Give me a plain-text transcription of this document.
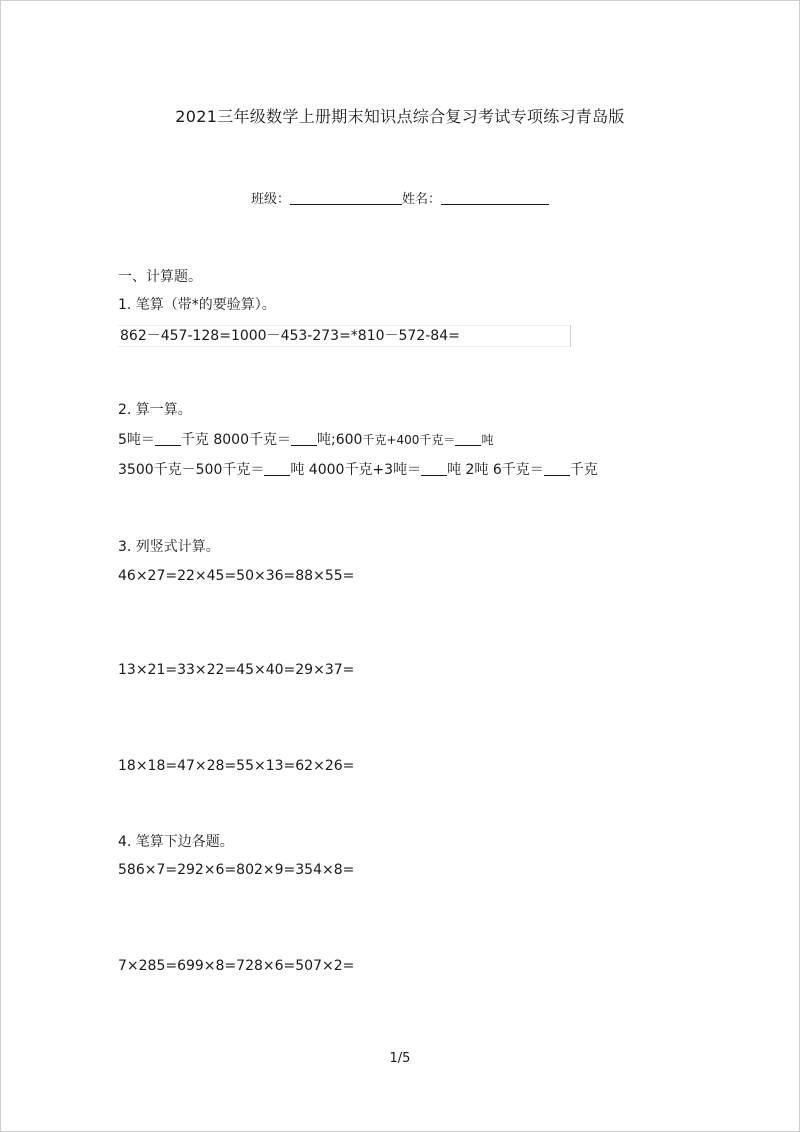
2021三年级数学上册期末知识点综合复习考试专项练习青岛版
班级：	姓名：
一、计算题。
1. 笔算（带*的要验算）。
862－457-128=1000－453-273=*810－572-84=
2. 算一算。
5吨＝ 千克 8000千克＝ 吨;600千克+400千克＝ 吨
3500千克－500千克＝ 吨 4000千克+3吨＝ 吨 2吨 6千克＝ 千克
3. 列竖式计算。
46×27=22×45=50×36=88×55=
13×21=33×22=45×40=29×37=
18×18=47×28=55×13=62×26=
4. 笔算下边各题。
586×7=292×6=802×9=354×8=
7×285=699×8=728×6=507×2=
1/5
